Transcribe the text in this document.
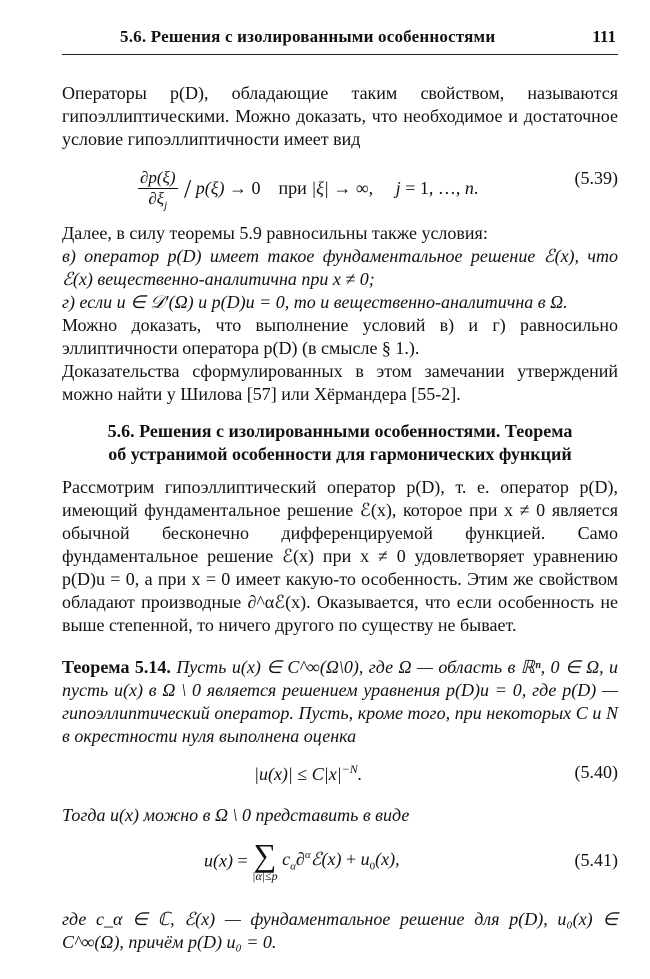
5.6. Решения с изолированными особенностями	111
Операторы p(D), обладающие таким свойством, называются гипоэллиптическими. Можно доказать, что необходимое и достаточное условие гипоэллиптичности имеет вид
$\frac{\partial p(\xi)}{\partial\xi_j} / p(\xi) \to 0$    при |ξ| → ∞,     j = 1, …, n.	(5.39)
Далее, в силу теоремы 5.9 равносильны также условия:
в) оператор p(D) имеет такое фундаментальное решение ℰ(x), что ℰ(x) вещественно-аналитична при x ≠ 0;
г) если u ∈ 𝒟′(Ω) и p(D)u = 0, то u вещественно-аналитична в Ω.
Можно доказать, что выполнение условий в) и г) равносильно эллиптичности оператора p(D) (в смысле § 1.).
Доказательства сформулированных в этом замечании утверждений можно найти у Шилова [57] или Хёрмандера [55-2].
5.6. Решения с изолированными особенностями. Теорема
об устранимой особенности для гармонических функций
Рассмотрим гипоэллиптический оператор p(D), т. е. оператор p(D), имеющий фундаментальное решение ℰ(x), которое при x ≠ 0 является обычной бесконечно дифференцируемой функцией. Само фундаментальное решение ℰ(x) при x ≠ 0 удовлетворяет уравнению p(D)u = 0, а при x = 0 имеет какую-то особенность. Этим же свойством обладают производные ∂^αℰ(x). Оказывается, что если особенность не выше степенной, то ничего другого по существу не бывает.
Теорема 5.14. Пусть u(x) ∈ C^∞(Ω\0), где Ω — область в ℝⁿ, 0 ∈ Ω, и пусть u(x) в Ω \ 0 является решением уравнения p(D)u = 0, где p(D) — гипоэллиптический оператор. Пусть, кроме того, при некоторых C и N в окрестности нуля выполнена оценка
$|u(x)| \le C|x|^{-N}$.	(5.40)
Тогда u(x) можно в Ω \ 0 представить в виде
u(x) = ∑
|α|≤p
$c_\alpha\partial^\alpha ℰ(x) + u_0(x)$,	(5.41)
где c_α ∈ ℂ, ℰ(x) — фундаментальное решение для p(D), u₀(x) ∈ C^∞(Ω), причём p(D) u₀ = 0.
